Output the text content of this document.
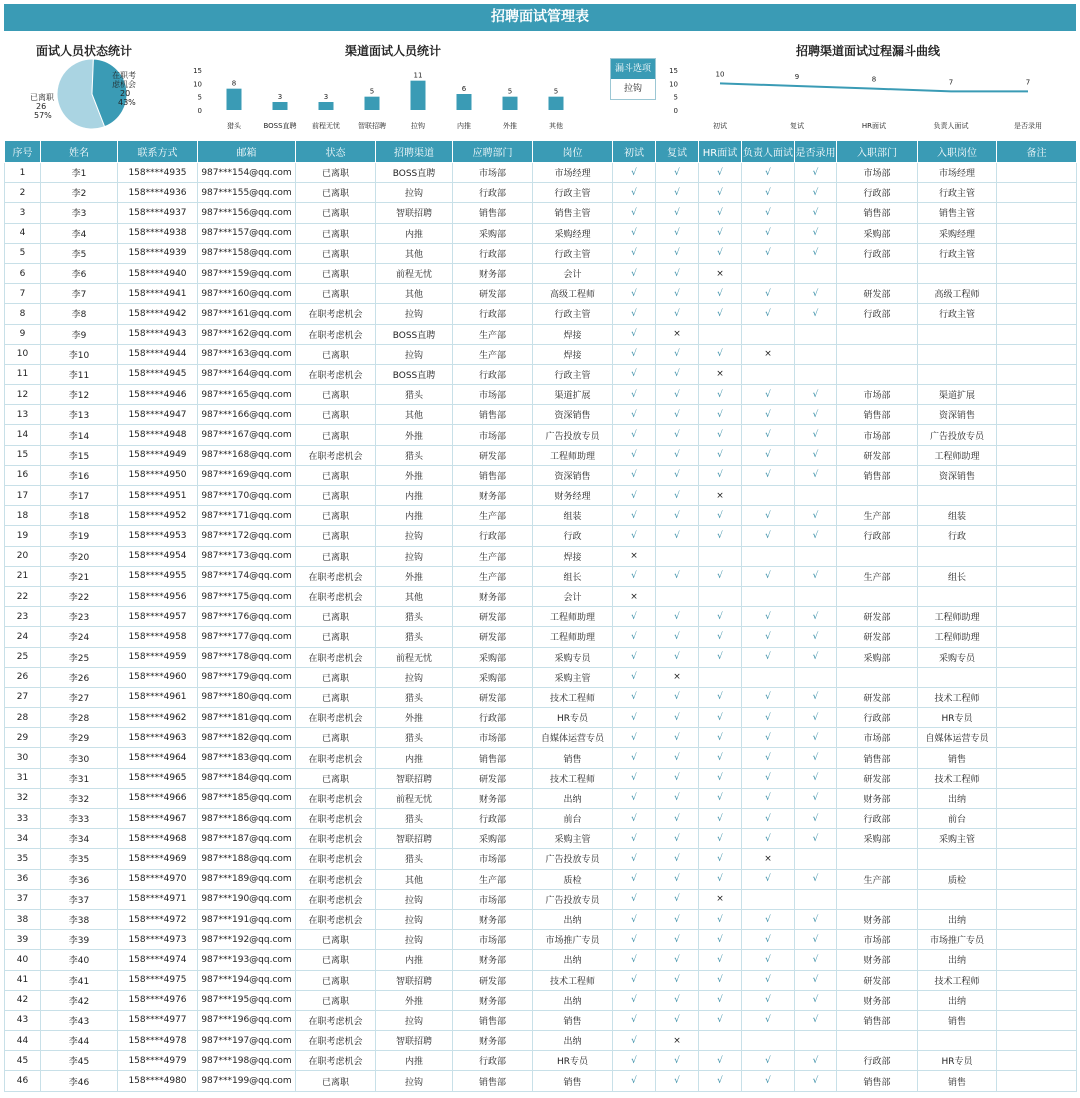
招聘面试管理表
面试人员状态统计
已离职
26
57%
在职考
虑机会
20
43%
渠道面试人员统计
15
10
5
0
8
猎头
3
BOSS直聘
3
前程无忧
5
智联招聘
11
拉钩
6
内推
5
外推
5
其他
漏斗选项
拉钩
招聘渠道面试过程漏斗曲线
15
10
5
0
10
初试
9
复试
8
HR面试
7
负责人面试
7
是否录用
序号	姓名	联系方式	邮箱	状态	招聘渠道	应聘部门	岗位	初试	复试	HR面试	负责人面试	是否录用	入职部门	入职岗位	备注
1	李1	158****4935	987***154@qq.com	已离职	BOSS直聘	市场部	市场经理	√	√	√	√	√	市场部	市场经理	
2	李2	158****4936	987***155@qq.com	已离职	拉钩	行政部	行政主管	√	√	√	√	√	行政部	行政主管	
3	李3	158****4937	987***156@qq.com	已离职	智联招聘	销售部	销售主管	√	√	√	√	√	销售部	销售主管	
4	李4	158****4938	987***157@qq.com	已离职	内推	采购部	采购经理	√	√	√	√	√	采购部	采购经理	
5	李5	158****4939	987***158@qq.com	已离职	其他	行政部	行政主管	√	√	√	√	√	行政部	行政主管	
6	李6	158****4940	987***159@qq.com	已离职	前程无忧	财务部	会计	√	√	×					
7	李7	158****4941	987***160@qq.com	已离职	其他	研发部	高级工程师	√	√	√	√	√	研发部	高级工程师	
8	李8	158****4942	987***161@qq.com	在职考虑机会	拉钩	行政部	行政主管	√	√	√	√	√	行政部	行政主管	
9	李9	158****4943	987***162@qq.com	在职考虑机会	BOSS直聘	生产部	焊接	√	×						
10	李10	158****4944	987***163@qq.com	已离职	拉钩	生产部	焊接	√	√	√	×				
11	李11	158****4945	987***164@qq.com	在职考虑机会	BOSS直聘	行政部	行政主管	√	√	×					
12	李12	158****4946	987***165@qq.com	已离职	猎头	市场部	渠道扩展	√	√	√	√	√	市场部	渠道扩展	
13	李13	158****4947	987***166@qq.com	已离职	其他	销售部	资深销售	√	√	√	√	√	销售部	资深销售	
14	李14	158****4948	987***167@qq.com	已离职	外推	市场部	广告投放专员	√	√	√	√	√	市场部	广告投放专员	
15	李15	158****4949	987***168@qq.com	在职考虑机会	猎头	研发部	工程师助理	√	√	√	√	√	研发部	工程师助理	
16	李16	158****4950	987***169@qq.com	已离职	外推	销售部	资深销售	√	√	√	√	√	销售部	资深销售	
17	李17	158****4951	987***170@qq.com	已离职	内推	财务部	财务经理	√	√	×					
18	李18	158****4952	987***171@qq.com	已离职	内推	生产部	组装	√	√	√	√	√	生产部	组装	
19	李19	158****4953	987***172@qq.com	已离职	拉钩	行政部	行政	√	√	√	√	√	行政部	行政	
20	李20	158****4954	987***173@qq.com	已离职	拉钩	生产部	焊接	×							
21	李21	158****4955	987***174@qq.com	在职考虑机会	外推	生产部	组长	√	√	√	√	√	生产部	组长	
22	李22	158****4956	987***175@qq.com	在职考虑机会	其他	财务部	会计	×							
23	李23	158****4957	987***176@qq.com	已离职	猎头	研发部	工程师助理	√	√	√	√	√	研发部	工程师助理	
24	李24	158****4958	987***177@qq.com	已离职	猎头	研发部	工程师助理	√	√	√	√	√	研发部	工程师助理	
25	李25	158****4959	987***178@qq.com	在职考虑机会	前程无忧	采购部	采购专员	√	√	√	√	√	采购部	采购专员	
26	李26	158****4960	987***179@qq.com	已离职	拉钩	采购部	采购主管	√	×						
27	李27	158****4961	987***180@qq.com	已离职	猎头	研发部	技术工程师	√	√	√	√	√	研发部	技术工程师	
28	李28	158****4962	987***181@qq.com	在职考虑机会	外推	行政部	HR专员	√	√	√	√	√	行政部	HR专员	
29	李29	158****4963	987***182@qq.com	已离职	猎头	市场部	自媒体运营专员	√	√	√	√	√	市场部	自媒体运营专员	
30	李30	158****4964	987***183@qq.com	在职考虑机会	内推	销售部	销售	√	√	√	√	√	销售部	销售	
31	李31	158****4965	987***184@qq.com	已离职	智联招聘	研发部	技术工程师	√	√	√	√	√	研发部	技术工程师	
32	李32	158****4966	987***185@qq.com	在职考虑机会	前程无忧	财务部	出纳	√	√	√	√	√	财务部	出纳	
33	李33	158****4967	987***186@qq.com	在职考虑机会	猎头	行政部	前台	√	√	√	√	√	行政部	前台	
34	李34	158****4968	987***187@qq.com	在职考虑机会	智联招聘	采购部	采购主管	√	√	√	√	√	采购部	采购主管	
35	李35	158****4969	987***188@qq.com	在职考虑机会	猎头	市场部	广告投放专员	√	√	√	×				
36	李36	158****4970	987***189@qq.com	在职考虑机会	其他	生产部	质检	√	√	√	√	√	生产部	质检	
37	李37	158****4971	987***190@qq.com	在职考虑机会	拉钩	市场部	广告投放专员	√	√	×					
38	李38	158****4972	987***191@qq.com	在职考虑机会	拉钩	财务部	出纳	√	√	√	√	√	财务部	出纳	
39	李39	158****4973	987***192@qq.com	已离职	拉钩	市场部	市场推广专员	√	√	√	√	√	市场部	市场推广专员	
40	李40	158****4974	987***193@qq.com	已离职	内推	财务部	出纳	√	√	√	√	√	财务部	出纳	
41	李41	158****4975	987***194@qq.com	已离职	智联招聘	研发部	技术工程师	√	√	√	√	√	研发部	技术工程师	
42	李42	158****4976	987***195@qq.com	已离职	外推	财务部	出纳	√	√	√	√	√	财务部	出纳	
43	李43	158****4977	987***196@qq.com	在职考虑机会	拉钩	销售部	销售	√	√	√	√	√	销售部	销售	
44	李44	158****4978	987***197@qq.com	在职考虑机会	智联招聘	财务部	出纳	√	×						
45	李45	158****4979	987***198@qq.com	在职考虑机会	内推	行政部	HR专员	√	√	√	√	√	行政部	HR专员	
46	李46	158****4980	987***199@qq.com	已离职	拉钩	销售部	销售	√	√	√	√	√	销售部	销售	
